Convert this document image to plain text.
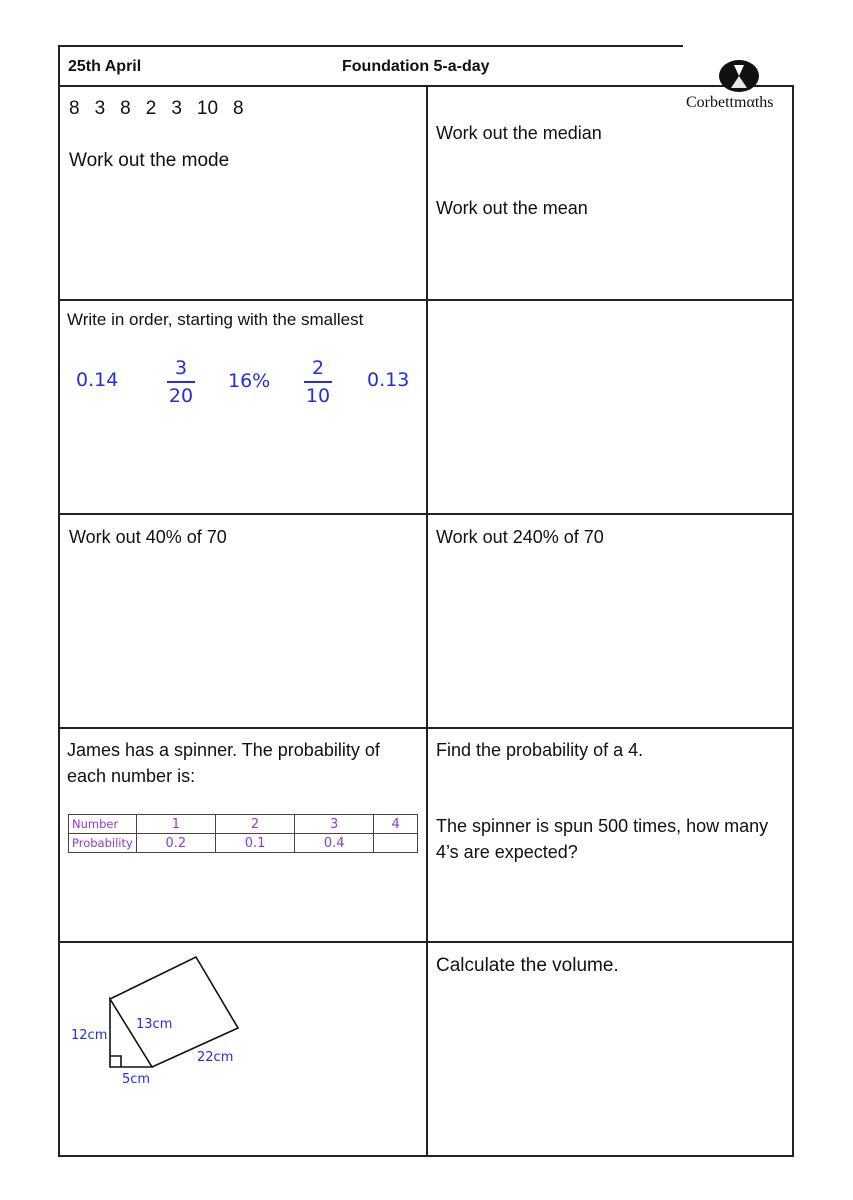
25th April	Foundation 5-a-day
Corbettmαths
8 3 8 2 3 10 8
Work out the mode
Work out the median
Work out the mean
Write in order, starting with the smallest
0.14
3
20
16%
2
10
0.13
Work out 40% of 70	Work out 240% of 70
James has a spinner. The probability of each number is:
Number	1	2	3	4
Probability	0.2	0.1	0.4	
Find the probability of a 4.
The spinner is spun 500 times, how many 4’s are expected?
12cm
13cm
5cm
22cm
Calculate the volume.
